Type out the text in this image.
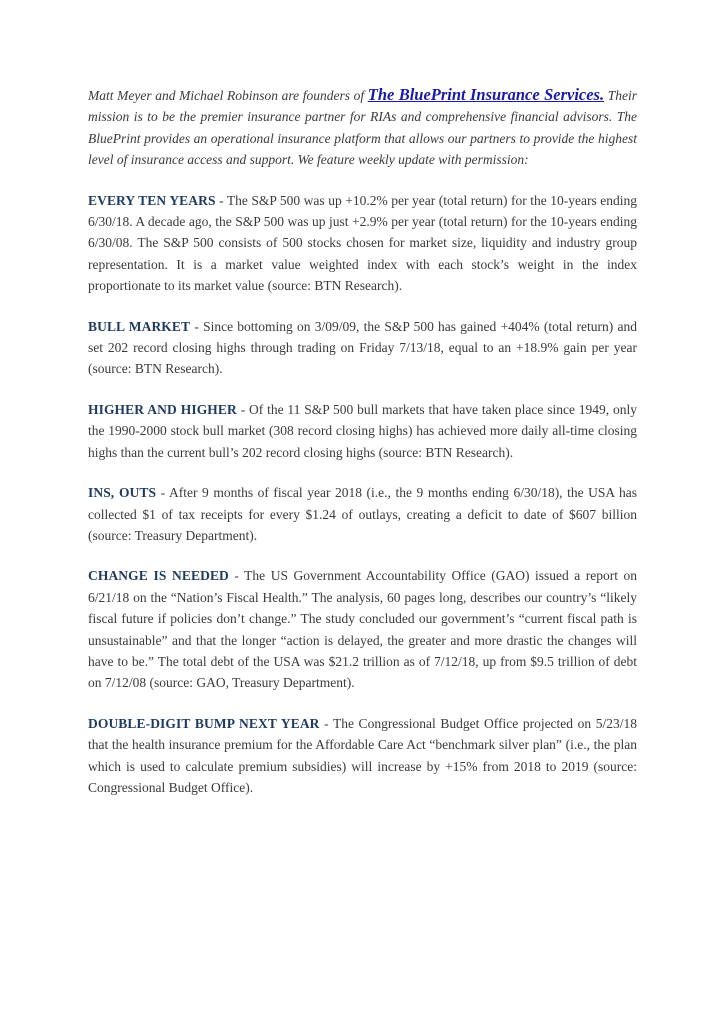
Matt Meyer and Michael Robinson are founders of The BluePrint Insurance Services. Their mission is to be the premier insurance partner for RIAs and comprehensive financial advisors. The BluePrint provides an operational insurance platform that allows our partners to provide the highest level of insurance access and support. We feature weekly update with permission:

EVERY TEN YEARS - The S&P 500 was up +10.2% per year (total return) for the 10-years ending 6/30/18. A decade ago, the S&P 500 was up just +2.9% per year (total return) for the 10-years ending 6/30/08. The S&P 500 consists of 500 stocks chosen for market size, liquidity and industry group representation. It is a market value weighted index with each stock’s weight in the index proportionate to its market value (source: BTN Research).

BULL MARKET - Since bottoming on 3/09/09, the S&P 500 has gained +404% (total return) and set 202 record closing highs through trading on Friday 7/13/18, equal to an +18.9% gain per year (source: BTN Research).

HIGHER AND HIGHER - Of the 11 S&P 500 bull markets that have taken place since 1949, only the 1990-2000 stock bull market (308 record closing highs) has achieved more daily all-time closing highs than the current bull’s 202 record closing highs (source: BTN Research).

INS, OUTS - After 9 months of fiscal year 2018 (i.e., the 9 months ending 6/30/18), the USA has collected $1 of tax receipts for every $1.24 of outlays, creating a deficit to date of $607 billion (source: Treasury Department).

CHANGE IS NEEDED - The US Government Accountability Office (GAO) issued a report on 6/21/18 on the “Nation’s Fiscal Health.” The analysis, 60 pages long, describes our country’s “likely fiscal future if policies don’t change.” The study concluded our government’s “current fiscal path is unsustainable” and that the longer “action is delayed, the greater and more drastic the changes will have to be.” The total debt of the USA was $21.2 trillion as of 7/12/18, up from $9.5 trillion of debt on 7/12/08 (source: GAO, Treasury Department).

DOUBLE-DIGIT BUMP NEXT YEAR - The Congressional Budget Office projected on 5/23/18 that the health insurance premium for the Affordable Care Act “benchmark silver plan” (i.e., the plan which is used to calculate premium subsidies) will increase by +15% from 2018 to 2019 (source: Congressional Budget Office).
